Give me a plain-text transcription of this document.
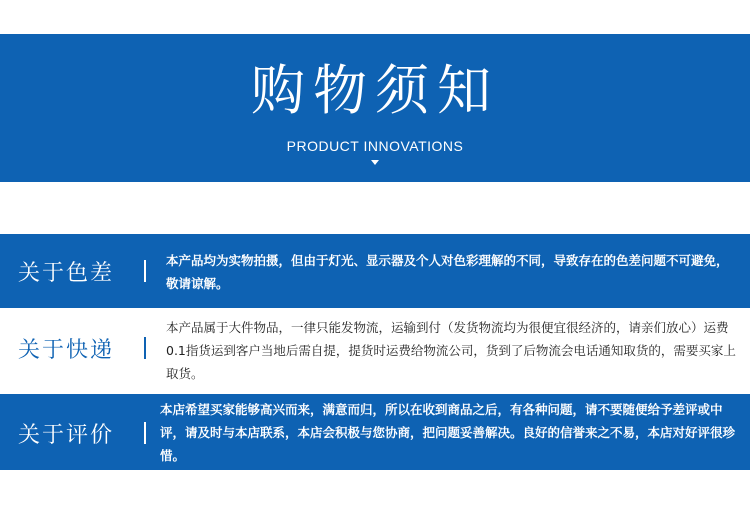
购物须知
PRODUCT INNOVATIONS
关于色差
本产品均为实物拍摄，但由于灯光、显示器及个人对色彩理解的不同，导致存在的色差问题不可避免，敬请谅解。
关于快递
本产品属于大件物品，一律只能发物流，运输到付（发货物流均为很便宜很经济的，请亲们放心）运费0.1指货运到客户当地后需自提，提货时运费给物流公司，货到了后物流会电话通知取货的，需要买家上取货。
关于评价
本店希望买家能够高兴而来，满意而归，所以在收到商品之后，有各种问题，请不要随便给予差评或中评，请及时与本店联系，本店会积极与您协商，把问题妥善解决。良好的信誉来之不易，本店对好评很珍惜。
